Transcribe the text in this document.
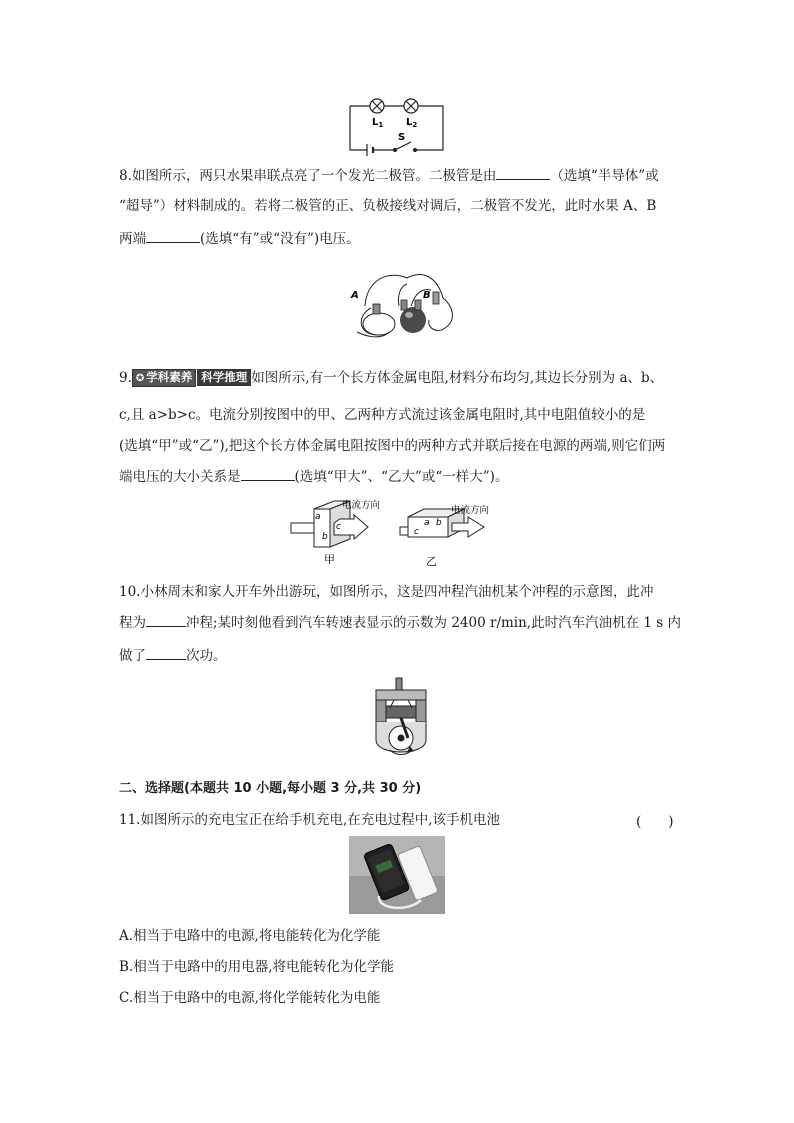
$L_1$ $L_2$
S
8.如图所示，两只水果串联点亮了一个发光二极管。二极管是由	（选填“半导体”或
“超导”）材料制成的。若将二极管的正、负极接线对调后，二极管不发光，此时水果 A、B
两端	(选填“有”或“没有”)电压。
A	B
9. ✪ 学科素养 科学推理 如图所示,有一个长方体金属电阻,材料分布均匀,其边长分别为 a、b、
c,且 a>b>c。电流分别按图中的甲、乙两种方式流过该金属电阻时,其中电阻值较小的是
(选填“甲”或“乙”),把这个长方体金属电阻按图中的两种方式并联后接在电源的两端,则它们两
端电压的大小关系是	(选填“甲大”、“乙大”或“一样大”)。
电流方向	电流方向
a
b
c	a b
c
甲	乙
10.小林周末和家人开车外出游玩，如图所示，这是四冲程汽油机某个冲程的示意图，此冲
程为	冲程;某时刻他看到汽车转速表显示的示数为 2400 r/min,此时汽车汽油机在 1 s 内
做了	次功。
二、选择题(本题共 10 小题,每小题 3 分,共 30 分)
11.如图所示的充电宝正在给手机充电,在充电过程中,该手机电池	(　　)
A.相当于电路中的电源,将电能转化为化学能
B.相当于电路中的用电器,将电能转化为化学能
C.相当于电路中的电源,将化学能转化为电能
